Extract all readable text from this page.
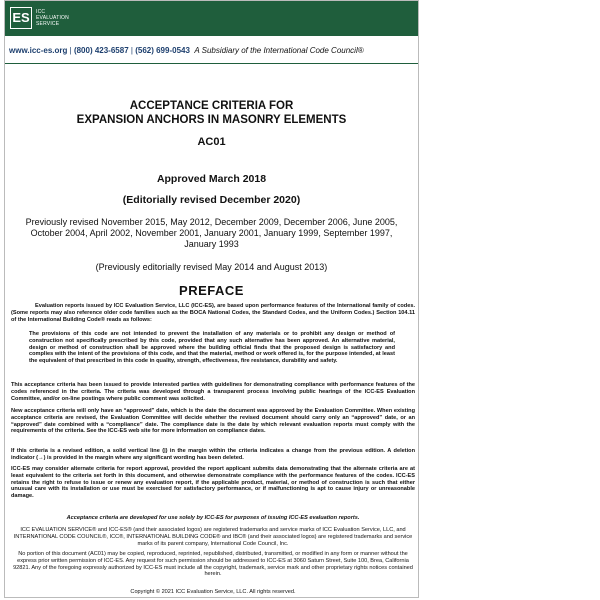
ES	ICC
EVALUATION
SERVICE
www.icc-es.org | (800) 423-6587 | (562) 699-0543 A Subsidiary of the International Code Council®
ACCEPTANCE CRITERIA FOR
EXPANSION ANCHORS IN MASONRY ELEMENTS
AC01
Approved March 2018
(Editorially revised December 2020)
Previously revised November 2015, May 2012, December 2009, December 2006, June 2005, October 2004, April 2002, November 2001, January 2001, January 1999, September 1997, January 1993
(Previously editorially revised May 2014 and August 2013)
PREFACE
Evaluation reports issued by ICC Evaluation Service, LLC (ICC-ES), are based upon performance features of the International family of codes. (Some reports may also reference older code families such as the BOCA National Codes, the Standard Codes, and the Uniform Codes.) Section 104.11 of the International Building Code® reads as follows:
The provisions of this code are not intended to prevent the installation of any materials or to prohibit any design or method of construction not specifically prescribed by this code, provided that any such alternative has been approved. An alternative material, design or method of construction shall be approved where the building official finds that the proposed design is satisfactory and complies with the intent of the provisions of this code, and that the material, method or work offered is, for the purpose intended, at least the equivalent of that prescribed in this code in quality, strength, effectiveness, fire resistance, durability and safety.
This acceptance criteria has been issued to provide interested parties with guidelines for demonstrating compliance with performance features of the codes referenced in the criteria. The criteria was developed through a transparent process involving public hearings of the ICC-ES Evaluation Committee, and/or on-line postings where public comment was solicited.
New acceptance criteria will only have an “approved” date, which is the date the document was approved by the Evaluation Committee. When existing acceptance criteria are revised, the Evaluation Committee will decide whether the revised document should carry only an “approved” date, or an “approved” date combined with a “compliance” date. The compliance date is the date by which relevant evaluation reports must comply with the requirements of the criteria. See the ICC-ES web site for more information on compliance dates.
If this criteria is a revised edition, a solid vertical line (|) in the margin within the criteria indicates a change from the previous edition. A deletion indicator (→) is provided in the margin where any significant wording has been deleted.
ICC-ES may consider alternate criteria for report approval, provided the report applicant submits data demonstrating that the alternate criteria are at least equivalent to the criteria set forth in this document, and otherwise demonstrate compliance with the performance features of the codes. ICC-ES retains the right to refuse to issue or renew any evaluation report, if the applicable product, material, or method of construction is such that either unusual care with its installation or use must be exercised for satisfactory performance, or if malfunctioning is apt to cause injury or unreasonable damage.
Acceptance criteria are developed for use solely by ICC-ES for purposes of issuing ICC-ES evaluation reports.
ICC EVALUATION SERVICE® and ICC-ES® (and their associated logos) are registered trademarks and service marks of ICC Evaluation Service, LLC, and INTERNATIONAL CODE COUNCIL®, ICC®, INTERNATIONAL BUILDING CODE® and IBC® (and their associated logos) are registered trademarks and service marks of its parent company, International Code Council, Inc.
No portion of this document (AC01) may be copied, reproduced, reprinted, republished, distributed, transmitted, or modified in any form or manner without the express prior written permission of ICC-ES. Any request for such permission should be addressed to ICC-ES at 3060 Saturn Street, Suite 100, Brea, California 92821. Any of the foregoing expressly authorized by ICC-ES must include all the copyright, trademark, service mark and other proprietary rights notices contained herein.
Copyright © 2021 ICC Evaluation Service, LLC. All rights reserved.
